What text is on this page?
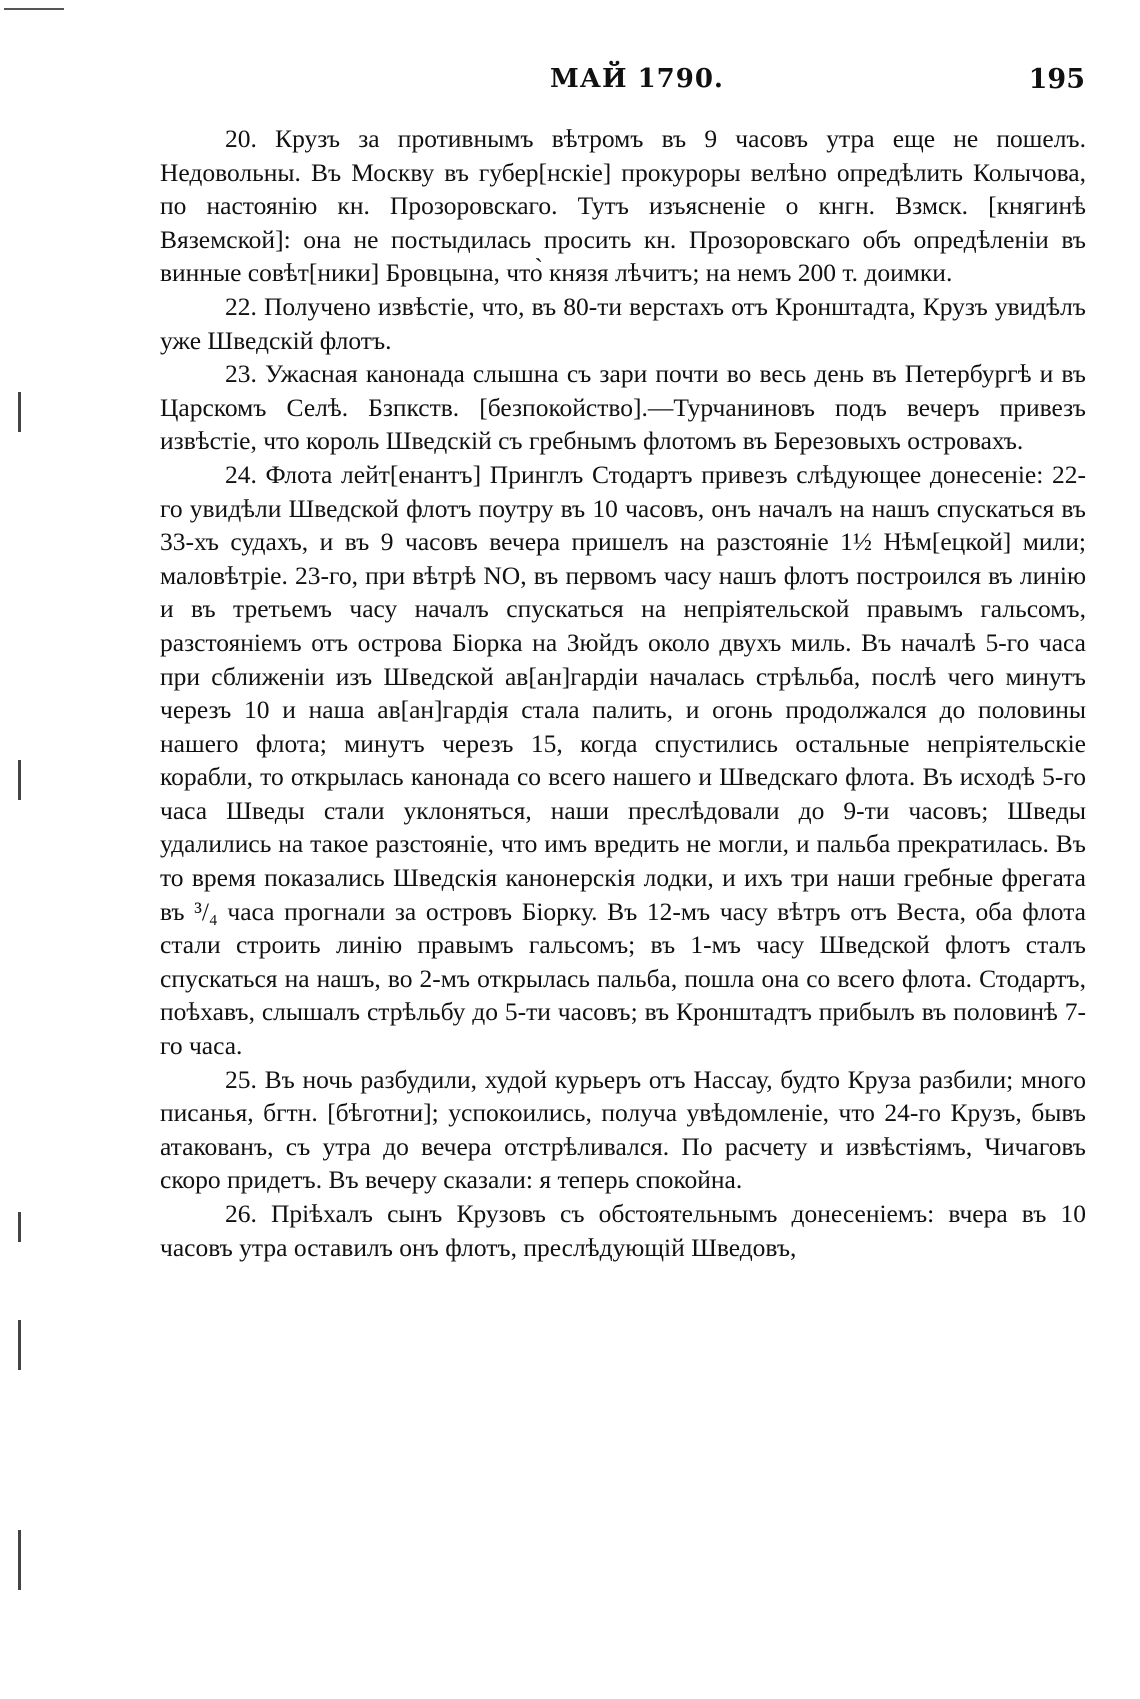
МАЙ 1790.	195

20. Крузъ за противнымъ вѣтромъ въ 9 часовъ утра еще не пошелъ. Недовольны. Въ Москву въ губер[нскіе] прокуроры велѣно опредѣлить Колычова, по настоянію кн. Прозоровскаго. Тутъ изъясненіе о кнгн. Взмск. [княгинѣ Вяземской]: она не постыдилась просить кн. Прозоровскаго объ опредѣленіи въ винные совѣт[ники] Бровцына, что̀ князя лѣчитъ; на немъ 200 т. доимки.

22. Получено извѣстіе, что, въ 80-ти верстахъ отъ Кронштадта, Крузъ увидѣлъ уже Шведскій флотъ.

23. Ужасная канонада слышна съ зари почти во весь день въ Петербургѣ и въ Царскомъ Селѣ. Бзпкств. [безпокойство].—Турчаниновъ подъ вечеръ привезъ извѣстіе, что король Шведскій съ гребнымъ флотомъ въ Березовыхъ островахъ.

24. Флота лейт[енантъ] Принглъ Стодартъ привезъ слѣдующее донесеніе: 22-го увидѣли Шведской флотъ поутру въ 10 часовъ, онъ началъ на нашъ спускаться въ 33-хъ судахъ, и въ 9 часовъ вечера пришелъ на разстояніе 1½ Нѣм[ецкой] мили; маловѣтріе. 23-го, при вѣтрѣ NO, въ первомъ часу нашъ флотъ построился въ линію и въ третьемъ часу началъ спускаться на непріятельской правымъ гальсомъ, разстояніемъ отъ острова Біорка на Зюйдъ около двухъ миль. Въ началѣ 5-го часа при сближеніи изъ Шведской ав[ан]гардіи началась стрѣльба, послѣ чего минутъ черезъ 10 и наша ав[ан]гардія стала палить, и огонь продолжался до половины нашего флота; минутъ черезъ 15, когда спустились остальные непріятельскіе корабли, то открылась канонада со всего нашего и Шведскаго флота. Въ исходѣ 5-го часа Шведы стали уклоняться, наши преслѣдовали до 9-ти часовъ; Шведы удалились на такое разстояніе, что имъ вредить не могли, и пальба прекратилась. Въ то время показались Шведскія канонерскія лодки, и ихъ три наши гребные фрегата въ ³/₄ часа прогнали за островъ Біорку. Въ 12-мъ часу вѣтръ отъ Веста, оба флота стали строить линію правымъ гальсомъ; въ 1-мъ часу Шведской флотъ сталъ спускаться на нашъ, во 2-мъ открылась пальба, пошла она со всего флота. Стодартъ, поѣхавъ, слышалъ стрѣльбу до 5-ти часовъ; въ Кронштадтъ прибылъ въ половинѣ 7-го часа.

25. Въ ночь разбудили, худой курьеръ отъ Нассау, будто Круза разбили; много писанья, бгтн. [бѣготни]; успокоились, получа увѣдомленіе, что 24-го Крузъ, бывъ атакованъ, съ утра до вечера отстрѣливался. По расчету и извѣстіямъ, Чичаговъ скоро придетъ. Въ вечеру сказали: я теперь спокойна.

26. Пріѣхалъ сынъ Крузовъ съ обстоятельнымъ донесеніемъ: вчера въ 10 часовъ утра оставилъ онъ флотъ, преслѣдующій Шведовъ,
